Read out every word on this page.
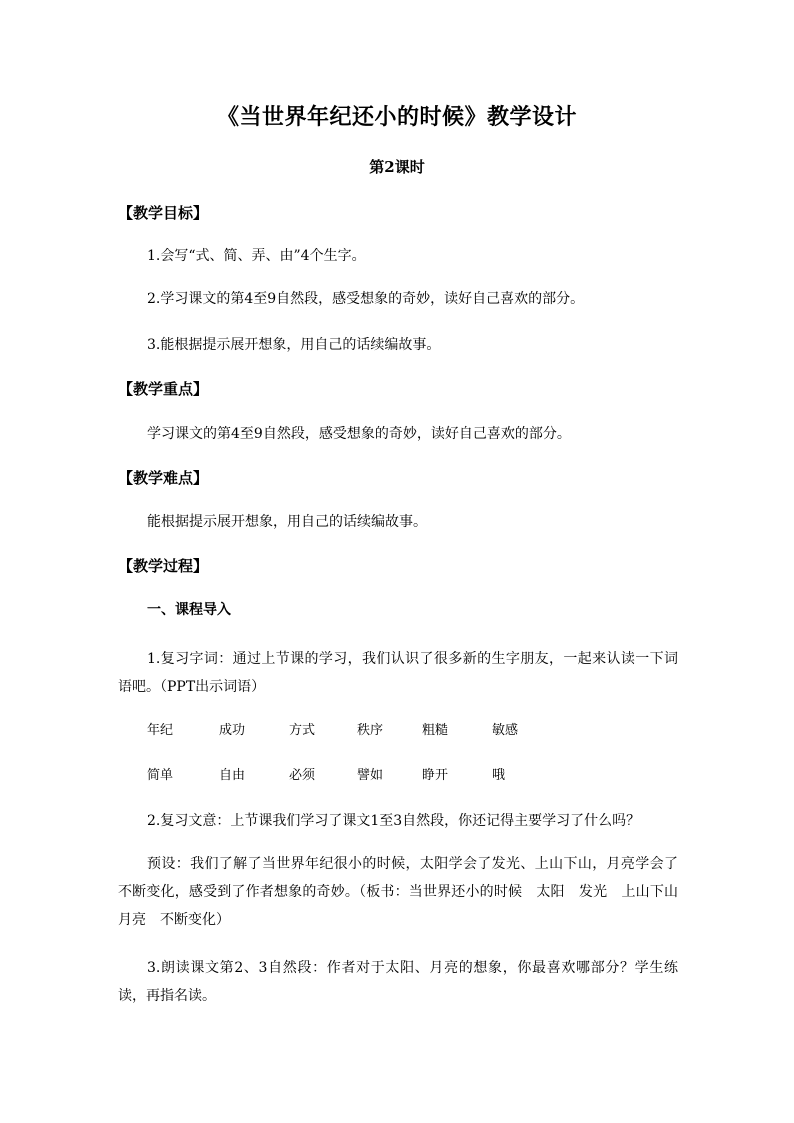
《当世界年纪还小的时候》教学设计
第2课时
【教学目标】
1.会写“式、简、弄、由”4个生字。
2.学习课文的第4至9自然段，感受想象的奇妙，读好自己喜欢的部分。
3.能根据提示展开想象，用自己的话续编故事。
【教学重点】
学习课文的第4至9自然段，感受想象的奇妙，读好自己喜欢的部分。
【教学难点】
能根据提示展开想象，用自己的话续编故事。
【教学过程】
一、课程导入
1.复习字词：通过上节课的学习，我们认识了很多新的生字朋友，一起来认读一下词语吧。（PPT出示词语）
年纪	成功	方式	秩序	粗糙	敏感
简单	自由	必须	譬如	睁开	哦
2.复习文意：上节课我们学习了课文1至3自然段，你还记得主要学习了什么吗？
预设：我们了解了当世界年纪很小的时候，太阳学会了发光、上山下山，月亮学会了不断变化，感受到了作者想象的奇妙。（板书：当世界还小的时候　太阳　发光　上山下山　月亮　不断变化）
3.朗读课文第2、3自然段：作者对于太阳、月亮的想象，你最喜欢哪部分？学生练读，再指名读。
